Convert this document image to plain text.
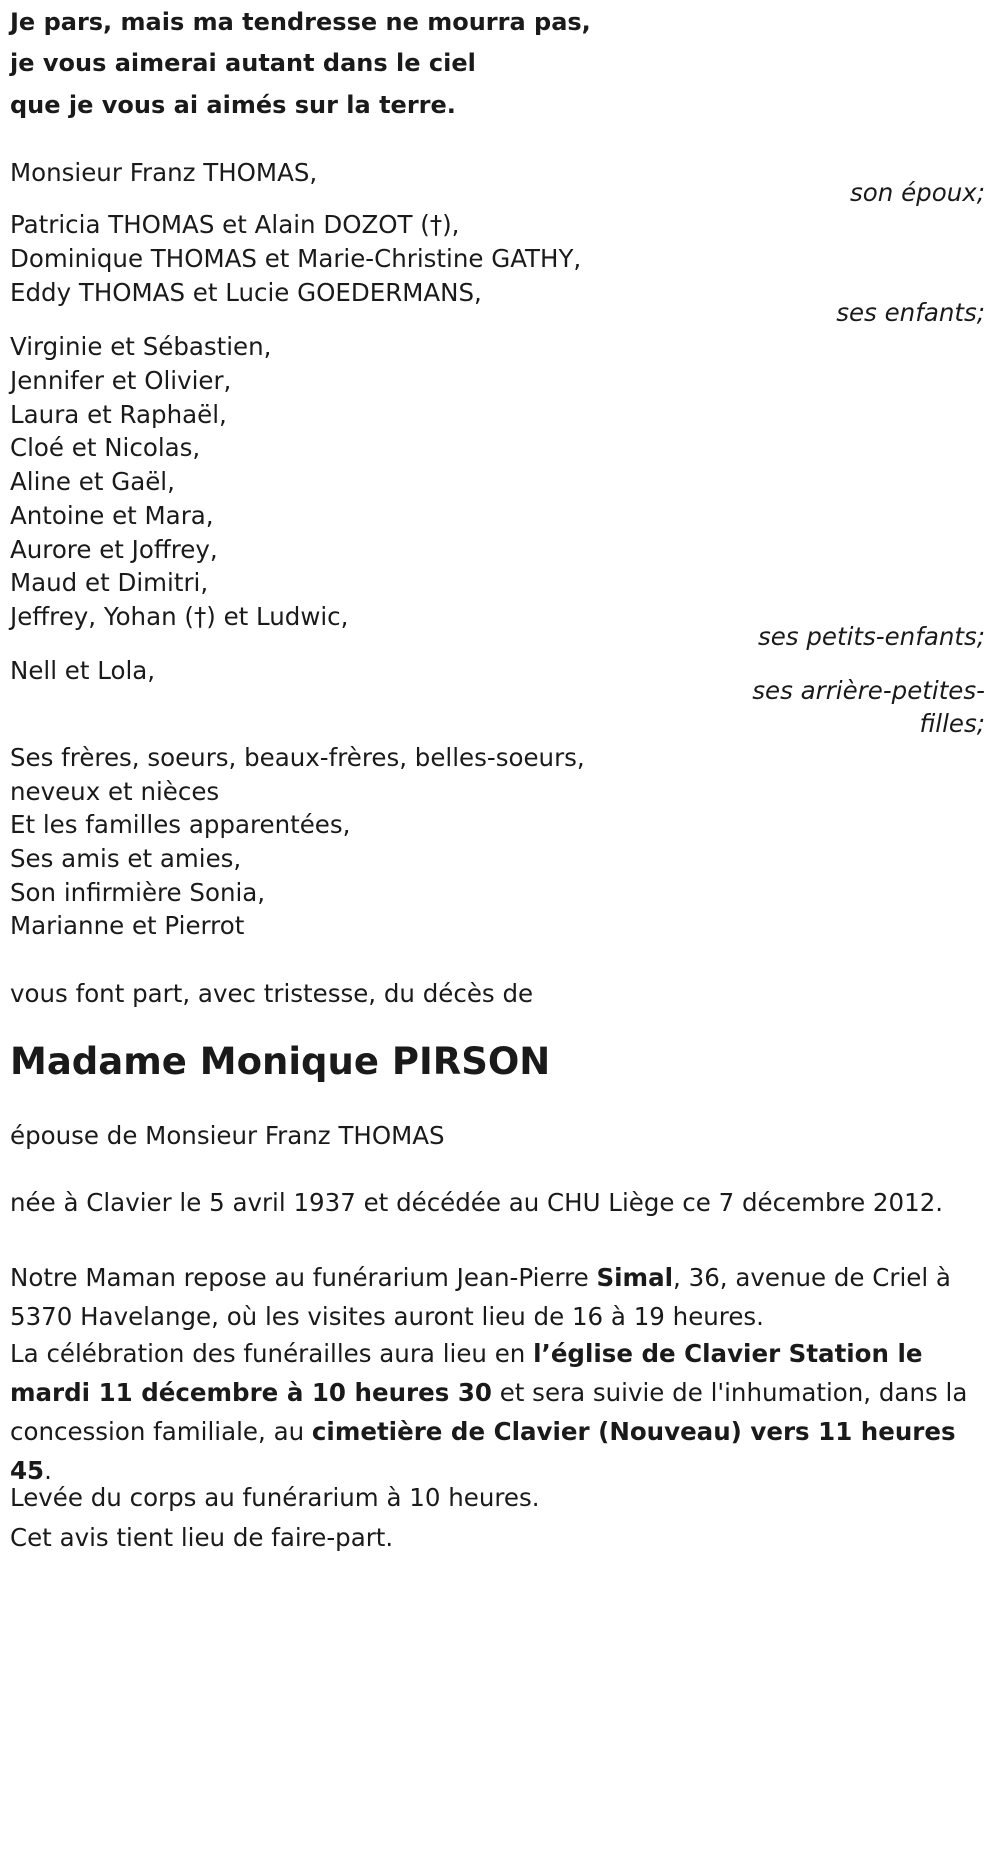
Je pars, mais ma tendresse ne mourra pas,

je vous aimerai autant dans le ciel

que je vous ai aimés sur la terre.

Monsieur Franz THOMAS,

son époux;

Patricia THOMAS et Alain DOZOT (†),

Dominique THOMAS et Marie-Christine GATHY,

Eddy THOMAS et Lucie GOEDERMANS,

ses enfants;

Virginie et Sébastien,

Jennifer et Olivier,

Laura et Raphaël,

Cloé et Nicolas,

Aline et Gaël,

Antoine et Mara,

Aurore et Joffrey,

Maud et Dimitri,

Jeffrey, Yohan (†) et Ludwic,

ses petits-enfants;

Nell et Lola,

ses arrière-petites-

filles;

Ses frères, soeurs, beaux-frères, belles-soeurs,

neveux et nièces

Et les familles apparentées,

Ses amis et amies,

Son infirmière Sonia,

Marianne et Pierrot

vous font part, avec tristesse, du décès de

Madame Monique PIRSON

épouse de Monsieur Franz THOMAS

née à Clavier le 5 avril 1937 et décédée au CHU Liège ce 7 décembre 2012.

Notre Maman repose au funérarium Jean-Pierre Simal, 36, avenue de Criel à 5370 Havelange, où les visites auront lieu de 16 à 19 heures.

La célébration des funérailles aura lieu en l’église de Clavier Station le mardi 11 décembre à 10 heures 30 et sera suivie de l'inhumation, dans la concession familiale, au cimetière de Clavier (Nouveau) vers 11 heures 45.

Levée du corps au funérarium à 10 heures.

Cet avis tient lieu de faire-part.
